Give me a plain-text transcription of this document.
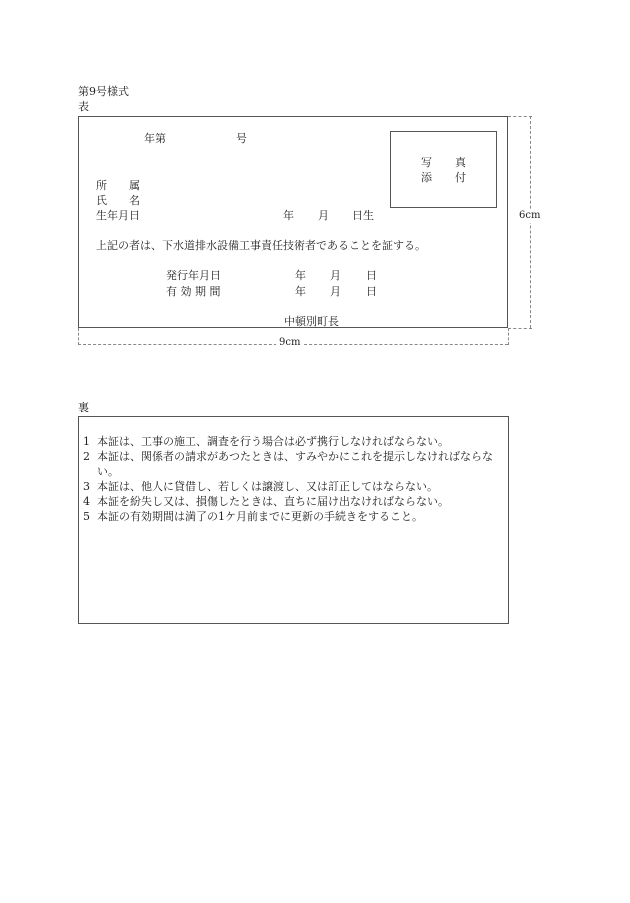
第9号様式
表
年第	号
写 真
添 付
所 属
氏 名
生年月日	年 月 日生
上記の者は、下水道排水設備工事責任技術者であることを証する。
発行年月日	年 月 日
有 効 期 間	年 月 日
中頓別町長
6cm
9cm
裏
1 本証は、工事の施工、調査を行う場合は必ず携行しなければならない。
2 本証は、関係者の請求があつたときは、すみやかにこれを提示しなければならない。
3 本証は、他人に貸借し、若しくは譲渡し、又は訂正してはならない。
4 本証を紛失し又は、損傷したときは、直ちに届け出なければならない。
5 本証の有効期間は満了の1ケ月前までに更新の手続きをすること。
